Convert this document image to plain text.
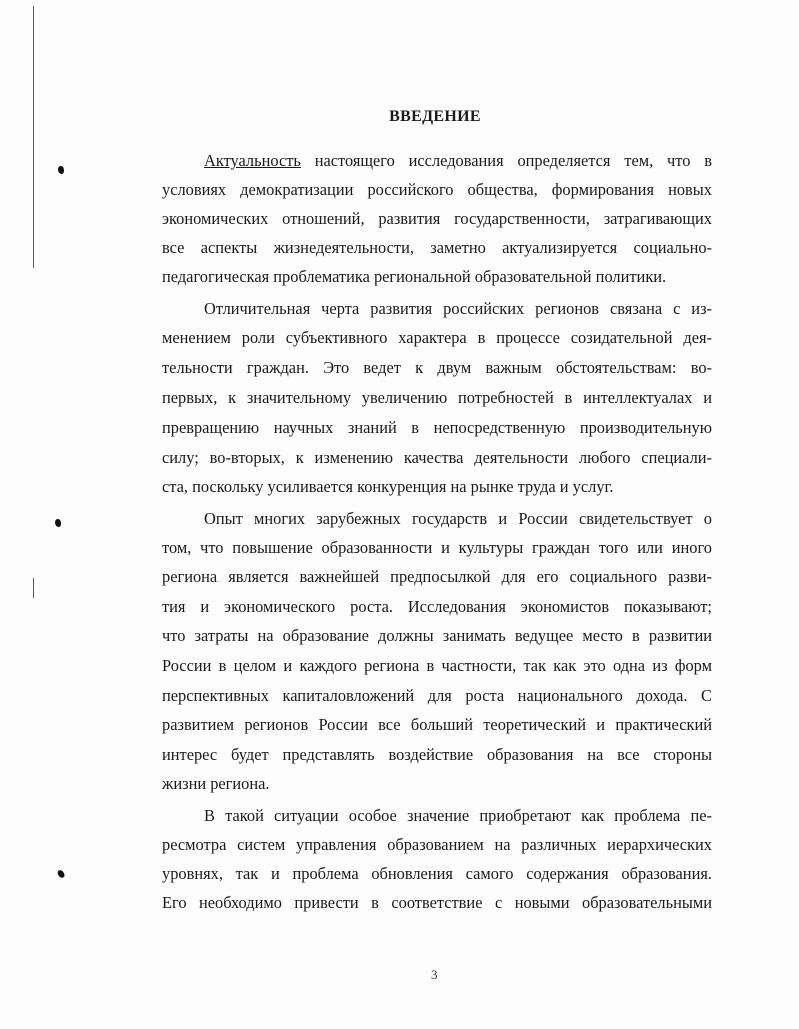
ВВЕДЕНИЕ
Актуальность настоящего исследования определяется тем, что в
условиях демократизации российского общества, формирования новых
экономических отношений, развития государственности, затрагивающих
все аспекты жизнедеятельности, заметно актуализируется социально-
педагогическая проблематика региональной образовательной политики.
Отличительная черта развития российских регионов связана с из-
менением роли субъективного характера в процессе созидательной дея-
тельности граждан. Это ведет к двум важным обстоятельствам: во-
первых, к значительному увеличению потребностей в интеллектуалах и
превращению научных знаний в непосредственную производительную
силу; во-вторых, к изменению качества деятельности любого специали-
ста, поскольку усиливается конкуренция на рынке труда и услуг.
Опыт многих зарубежных государств и России свидетельствует о
том, что повышение образованности и культуры граждан того или иного
региона является важнейшей предпосылкой для его социального разви-
тия и экономического роста. Исследования экономистов показывают;
что затраты на образование должны занимать ведущее место в развитии
России в целом и каждого региона в частности, так как это одна из форм
перспективных капиталовложений для роста национального дохода. С
развитием регионов России все больший теоретический и практический
интерес будет представлять воздействие образования на все стороны
жизни региона.
В такой ситуации особое значение приобретают как проблема пе-
ресмотра систем управления образованием на различных иерархических
уровнях, так и проблема обновления самого содержания образования.
Его необходимо привести в соответствие с новыми образовательными
3
